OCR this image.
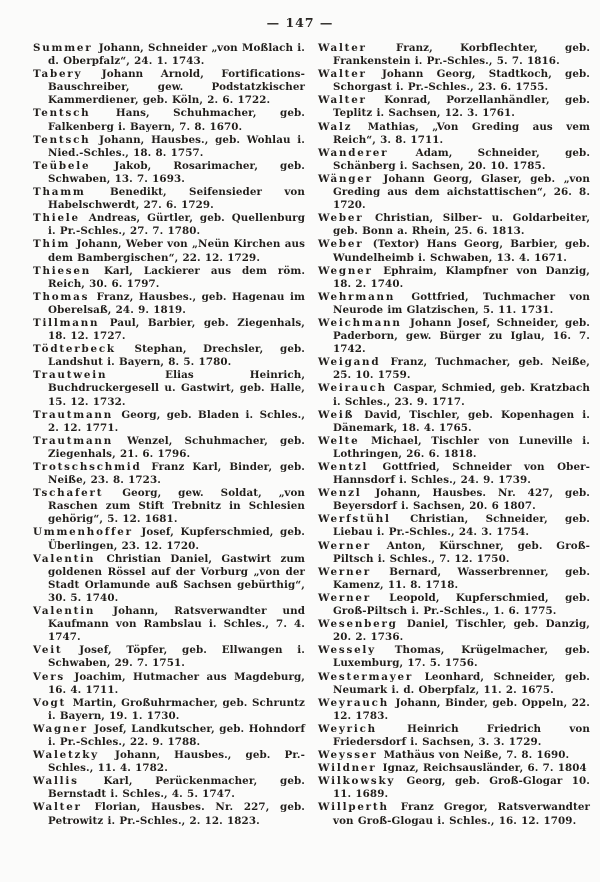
— 147 —

Summer Johann, Schneider „von Moßlach i. d. Oberpfalz“, 24. 1. 1743.

Tabery Johann Arnold, Fortifications-Bauschreiber, gew. Podstatzkischer Kammerdiener, geb. Köln, 2. 6. 1722.

Tentsch Hans, Schuhmacher, geb. Falkenberg i. Bayern, 7. 8. 1670.

Tentsch Johann, Hausbes., geb. Wohlau i. Nied.-Schles., 18. 8. 1757.

Teübele Jakob, Rosarimacher, geb. Schwaben, 13. 7. 1693.

Thamm Benedikt, Seifensieder von Habelschwerdt, 27. 6. 1729.

Thiele Andreas, Gürtler, geb. Quellenburg i. Pr.-Schles., 27. 7. 1780.

Thim Johann, Weber von „Neün Kirchen aus dem Bambergischen“, 22. 12. 1729.

Thiesen Karl, Lackierer aus dem röm. Reich, 30. 6. 1797.

Thomas Franz, Hausbes., geb. Hagenau im Oberelsaß, 24. 9. 1819.

Tillmann Paul, Barbier, geb. Ziegenhals, 18. 12. 1727.

Tödterbeck Stephan, Drechsler, geb. Landshut i. Bayern, 8. 5. 1780.

Trautwein Elias Heinrich, Buchdruckergesell u. Gastwirt, geb. Halle, 15. 12. 1732.

Trautmann Georg, geb. Bladen i. Schles., 2. 12. 1771.

Trautmann Wenzel, Schuhmacher, geb. Ziegenhals, 21. 6. 1796.

Trotschschmid Franz Karl, Binder, geb. Neiße, 23. 8. 1723.

Tschafert Georg, gew. Soldat, „von Raschen zum Stift Trebnitz in Schlesien gehörig“, 5. 12. 1681.

Ummenhoffer Josef, Kupferschmied, geb. Überlingen, 23. 12. 1720.

Valentin Christian Daniel, Gastwirt zum goldenen Rössel auf der Vorburg „von der Stadt Orlamunde auß Sachsen gebürthig“, 30. 5. 1740.

Valentin Johann, Ratsverwandter und Kaufmann von Rambslau i. Schles., 7. 4. 1747.

Veit Josef, Töpfer, geb. Ellwangen i. Schwaben, 29. 7. 1751.

Vers Joachim, Hutmacher aus Magdeburg, 16. 4. 1711.

Vogt Martin, Großuhrmacher, geb. Schruntz i. Bayern, 19. 1. 1730.

Wagner Josef, Landkutscher, geb. Hohndorf i. Pr.-Schles., 22. 9. 1788.

Waletzky Johann, Hausbes., geb. Pr.-Schles., 11. 4. 1782.

Wallis Karl, Perückenmacher, geb. Bernstadt i. Schles., 4. 5. 1747.

Walter Florian, Hausbes. Nr. 227, geb. Petrowitz i. Pr.-Schles., 2. 12. 1823.

Walter Franz, Korbflechter, geb. Frankenstein i. Pr.-Schles., 5. 7. 1816.

Walter Johann Georg, Stadtkoch, geb. Schorgast i. Pr.-Schles., 23. 6. 1755.

Walter Konrad, Porzellanhändler, geb. Teplitz i. Sachsen, 12. 3. 1761.

Walz Mathias, „Von Greding aus vem Reich“, 3. 8. 1711.

Wanderer Adam, Schneider, geb. Schänberg i. Sachsen, 20. 10. 1785.

Wänger Johann Georg, Glaser, geb. „von Greding aus dem aichstattischen“, 26. 8. 1720.

Weber Christian, Silber- u. Goldarbeiter, geb. Bonn a. Rhein, 25. 6. 1813.

Weber (Textor) Hans Georg, Barbier, geb. Wundelheimb i. Schwaben, 13. 4. 1671.

Wegner Ephraim, Klampfner von Danzig, 18. 2. 1740.

Wehrmann Gottfried, Tuchmacher von Neurode im Glatzischen, 5. 11. 1731.

Weichmann Johann Josef, Schneider, geb. Paderborn, gew. Bürger zu Iglau, 16. 7. 1742.

Weigand Franz, Tuchmacher, geb. Neiße, 25. 10. 1759.

Weirauch Caspar, Schmied, geb. Kratzbach i. Schles., 23. 9. 1717.

Weiß David, Tischler, geb. Kopenhagen i. Dänemark, 18. 4. 1765.

Welte Michael, Tischler von Luneville i. Lothringen, 26. 6. 1818.

Wentzl Gottfried, Schneider von Ober-Hannsdorf i. Schles., 24. 9. 1739.

Wenzl Johann, Hausbes. Nr. 427, geb. Beyersdorf i. Sachsen, 20. 6 1807.

Werfstühl Christian, Schneider, geb. Liebau i. Pr.-Schles., 24. 3. 1754.

Werner Anton, Kürschner, geb. Groß-Piltsch i. Schles., 7. 12. 1750.

Werner Bernard, Wasserbrenner, geb. Kamenz, 11. 8. 1718.

Werner Leopold, Kupferschmied, geb. Groß-Piltsch i. Pr.-Schles., 1. 6. 1775.

Wesenberg Daniel, Tischler, geb. Danzig, 20. 2. 1736.

Wessely Thomas, Krügelmacher, geb. Luxemburg, 17. 5. 1756.

Westermayer Leonhard, Schneider, geb. Neumark i. d. Oberpfalz, 11. 2. 1675.

Weyrauch Johann, Binder, geb. Oppeln, 22. 12. 1783.

Weyrich Heinrich Friedrich von Friedersdorf i. Sachsen, 3. 3. 1729.

Weysser Mathäus von Neiße, 7. 8. 1690.

Wildner Ignaz, Reichsausländer, 6. 7. 1804

Wilkowsky Georg, geb. Groß-Glogar 10. 11. 1689.

Willperth Franz Gregor, Ratsverwandter von Groß-Glogau i. Schles., 16. 12. 1709.
